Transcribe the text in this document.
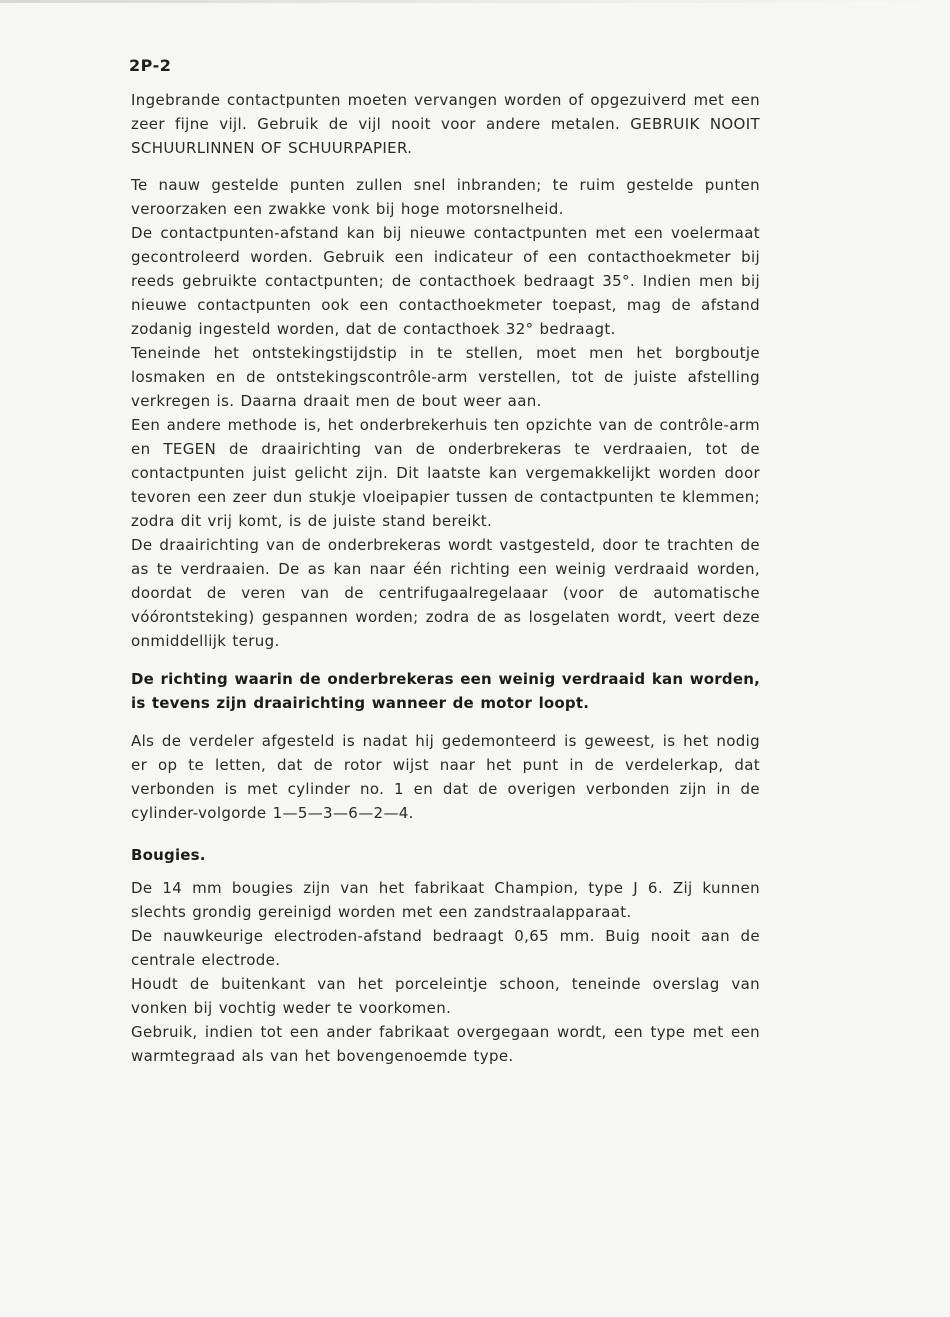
2P-2

Ingebrande contactpunten moeten vervangen worden of opgezuiverd met een zeer fijne vijl. Gebruik de vijl nooit voor andere metalen. GEBRUIK NOOIT SCHUURLINNEN OF SCHUURPAPIER.

Te nauw gestelde punten zullen snel inbranden; te ruim gestelde punten veroorzaken een zwakke vonk bij hoge motorsnelheid.

De contactpunten-afstand kan bij nieuwe contactpunten met een voelermaat gecontroleerd worden. Gebruik een indicateur of een contacthoekmeter bij reeds gebruikte contactpunten; de contacthoek bedraagt 35°. Indien men bij nieuwe contactpunten ook een contacthoekmeter toepast, mag de afstand zodanig ingesteld worden, dat de contacthoek 32° bedraagt.

Teneinde het ontstekingstijdstip in te stellen, moet men het borgboutje losmaken en de ontstekingscontrôle-arm verstellen, tot de juiste afstelling verkregen is. Daarna draait men de bout weer aan.

Een andere methode is, het onderbrekerhuis ten opzichte van de contrôle-arm en TEGEN de draairichting van de onderbrekeras te verdraaien, tot de contactpunten juist gelicht zijn. Dit laatste kan vergemakkelijkt worden door tevoren een zeer dun stukje vloeipapier tussen de contactpunten te klemmen; zodra dit vrij komt, is de juiste stand bereikt.

De draairichting van de onderbrekeras wordt vastgesteld, door te trachten de as te verdraaien. De as kan naar één richting een weinig verdraaid worden, doordat de veren van de centrifugaalregelaaar (voor de automatische vóórontsteking) gespannen worden; zodra de as losgelaten wordt, veert deze onmiddellijk terug.

De richting waarin de onderbrekeras een weinig verdraaid kan worden, is tevens zijn draairichting wanneer de motor loopt.

Als de verdeler afgesteld is nadat hij gedemonteerd is geweest, is het nodig er op te letten, dat de rotor wijst naar het punt in de verdelerkap, dat verbonden is met cylinder no. 1 en dat de overigen verbonden zijn in de cylinder-volgorde 1—5—3—6—2—4.

Bougies.

De 14 mm bougies zijn van het fabrikaat Champion, type J 6. Zij kunnen slechts grondig gereinigd worden met een zandstraalapparaat.

De nauwkeurige electroden-afstand bedraagt 0,65 mm. Buig nooit aan de centrale electrode.

Houdt de buitenkant van het porceleintje schoon, teneinde overslag van vonken bij vochtig weder te voorkomen.

Gebruik, indien tot een ander fabrikaat overgegaan wordt, een type met een warmtegraad als van het bovengenoemde type.
